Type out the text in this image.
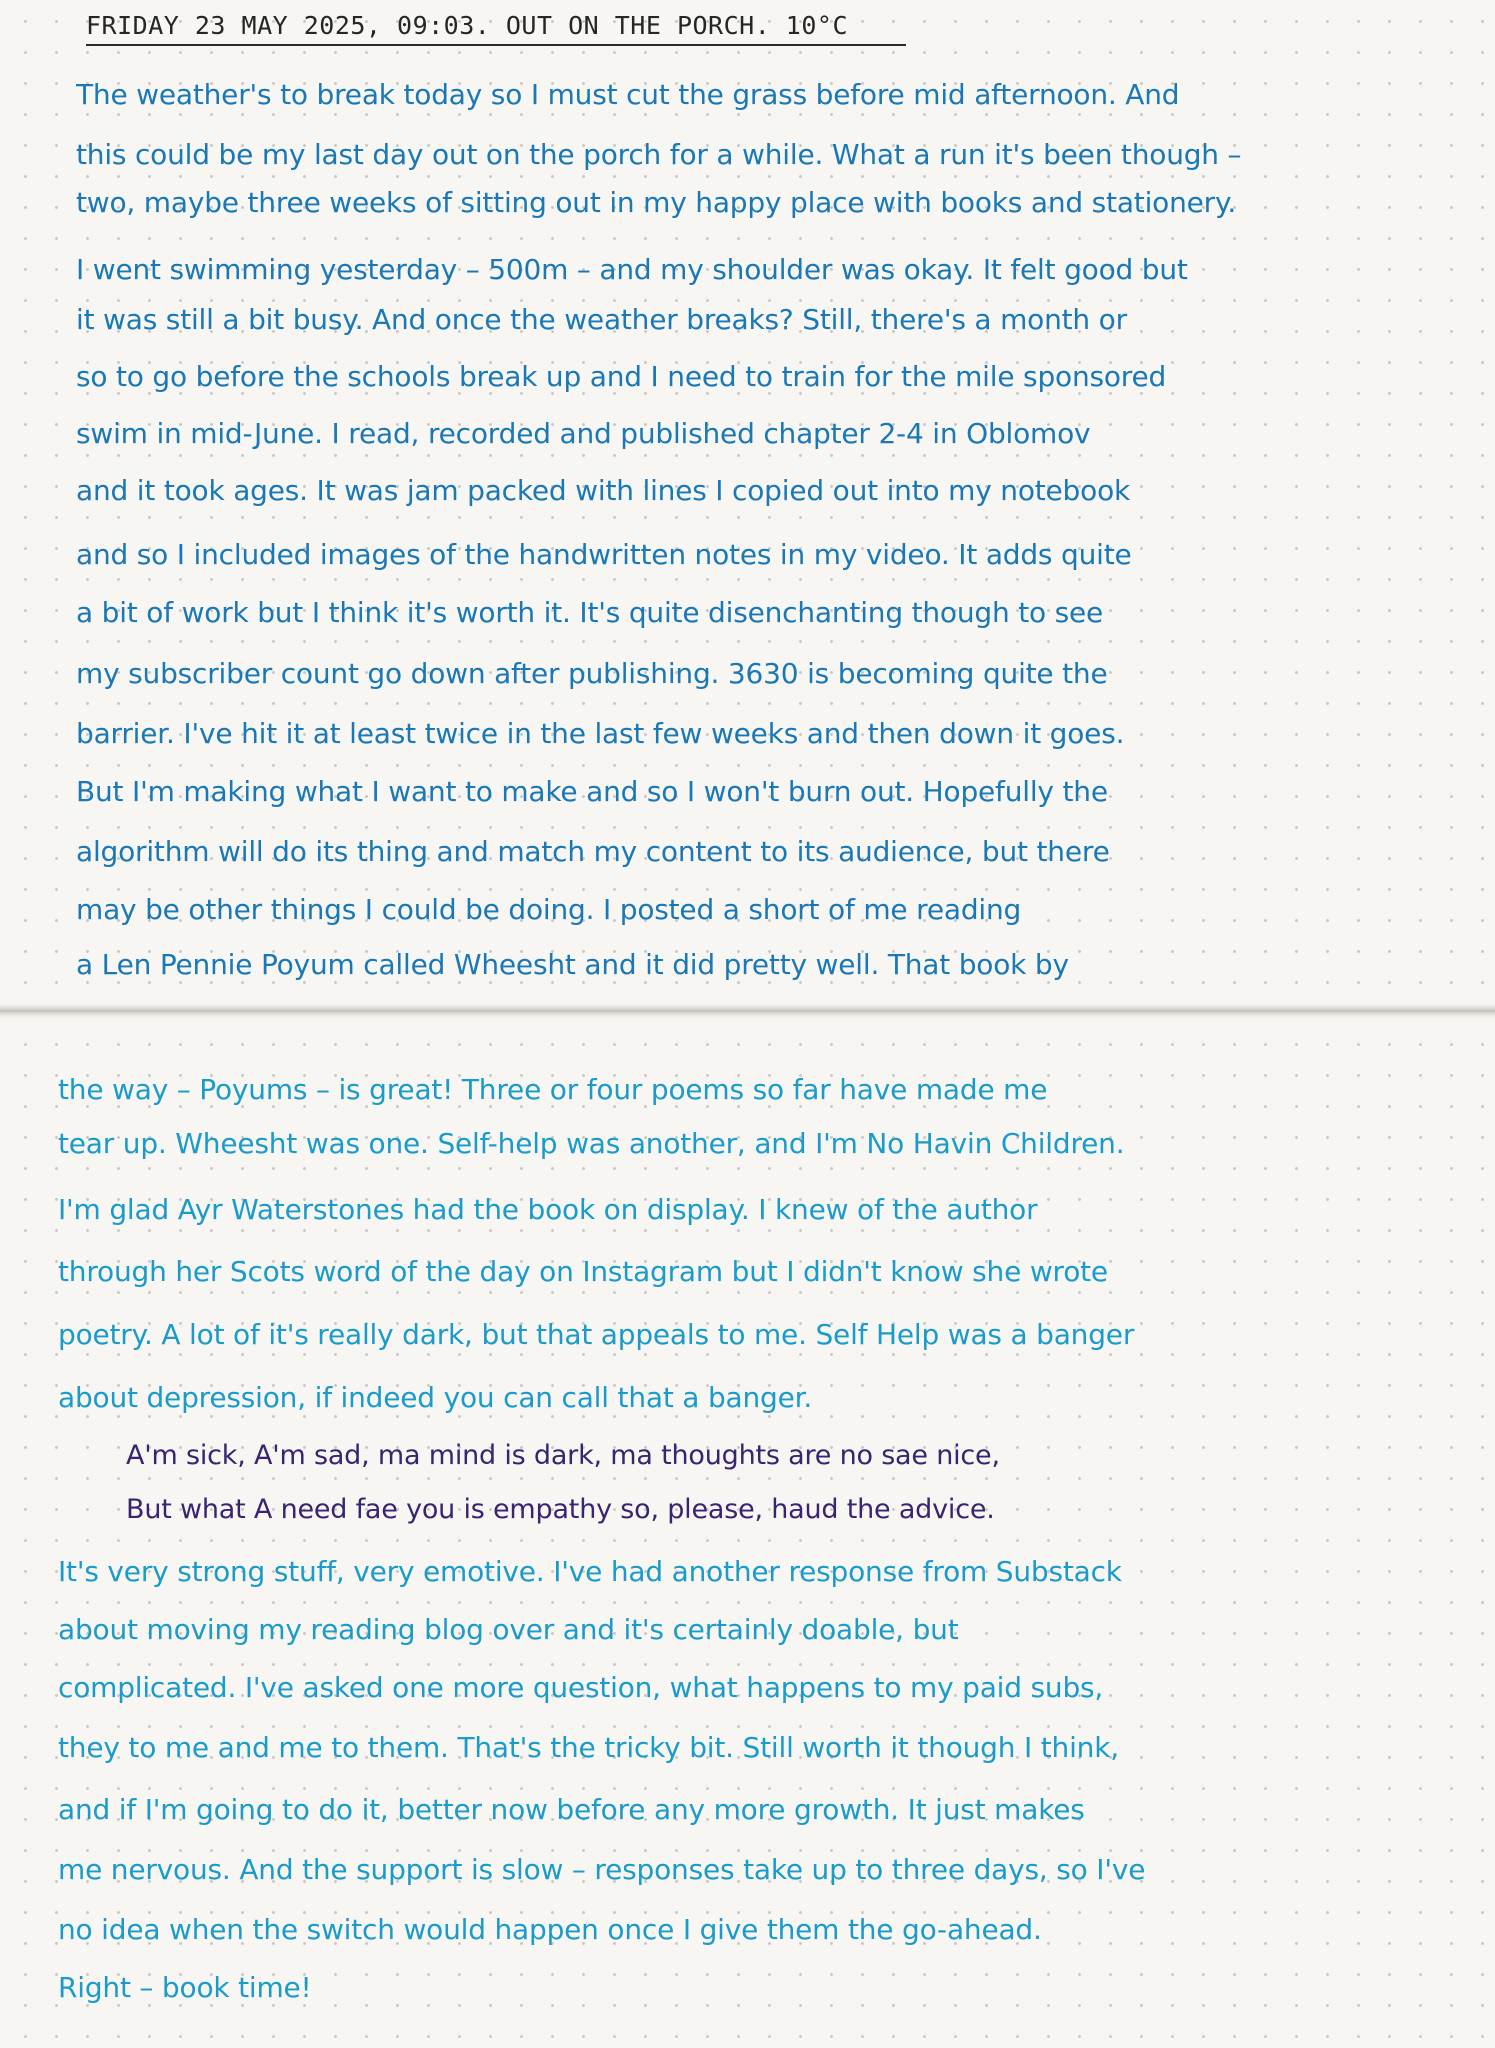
FRIDAY 23 MAY 2025, 09:03. OUT ON THE PORCH. 10°C
The weather's to break today so I must cut the grass before mid afternoon. And
this could be my last day out on the porch for a while. What a run it's been though –
two, maybe three weeks of sitting out in my happy place with books and stationery.
I went swimming yesterday – 500m – and my shoulder was okay. It felt good but
it was still a bit busy. And once the weather breaks? Still, there's a month or
so to go before the schools break up and I need to train for the mile sponsored
swim in mid-June. I read, recorded and published chapter 2-4 in Oblomov
and it took ages. It was jam packed with lines I copied out into my notebook
and so I included images of the handwritten notes in my video. It adds quite
a bit of work but I think it's worth it. It's quite disenchanting though to see
my subscriber count go down after publishing. 3630 is becoming quite the
barrier. I've hit it at least twice in the last few weeks and then down it goes.
But I'm making what I want to make and so I won't burn out. Hopefully the
algorithm will do its thing and match my content to its audience, but there
may be other things I could be doing. I posted a short of me reading
a Len Pennie Poyum called Wheesht and it did pretty well. That book by
the way – Poyums – is great! Three or four poems so far have made me
tear up. Wheesht was one. Self-help was another, and I'm No Havin Children.
I'm glad Ayr Waterstones had the book on display. I knew of the author
through her Scots word of the day on Instagram but I didn't know she wrote
poetry. A lot of it's really dark, but that appeals to me. Self Help was a banger
about depression, if indeed you can call that a banger.
A'm sick, A'm sad, ma mind is dark, ma thoughts are no sae nice,
But what A need fae you is empathy so, please, haud the advice.
It's very strong stuff, very emotive. I've had another response from Substack
about moving my reading blog over and it's certainly doable, but
complicated. I've asked one more question, what happens to my paid subs,
they to me and me to them. That's the tricky bit. Still worth it though I think,
and if I'm going to do it, better now before any more growth. It just makes
me nervous. And the support is slow – responses take up to three days, so I've
no idea when the switch would happen once I give them the go-ahead.
Right – book time!
